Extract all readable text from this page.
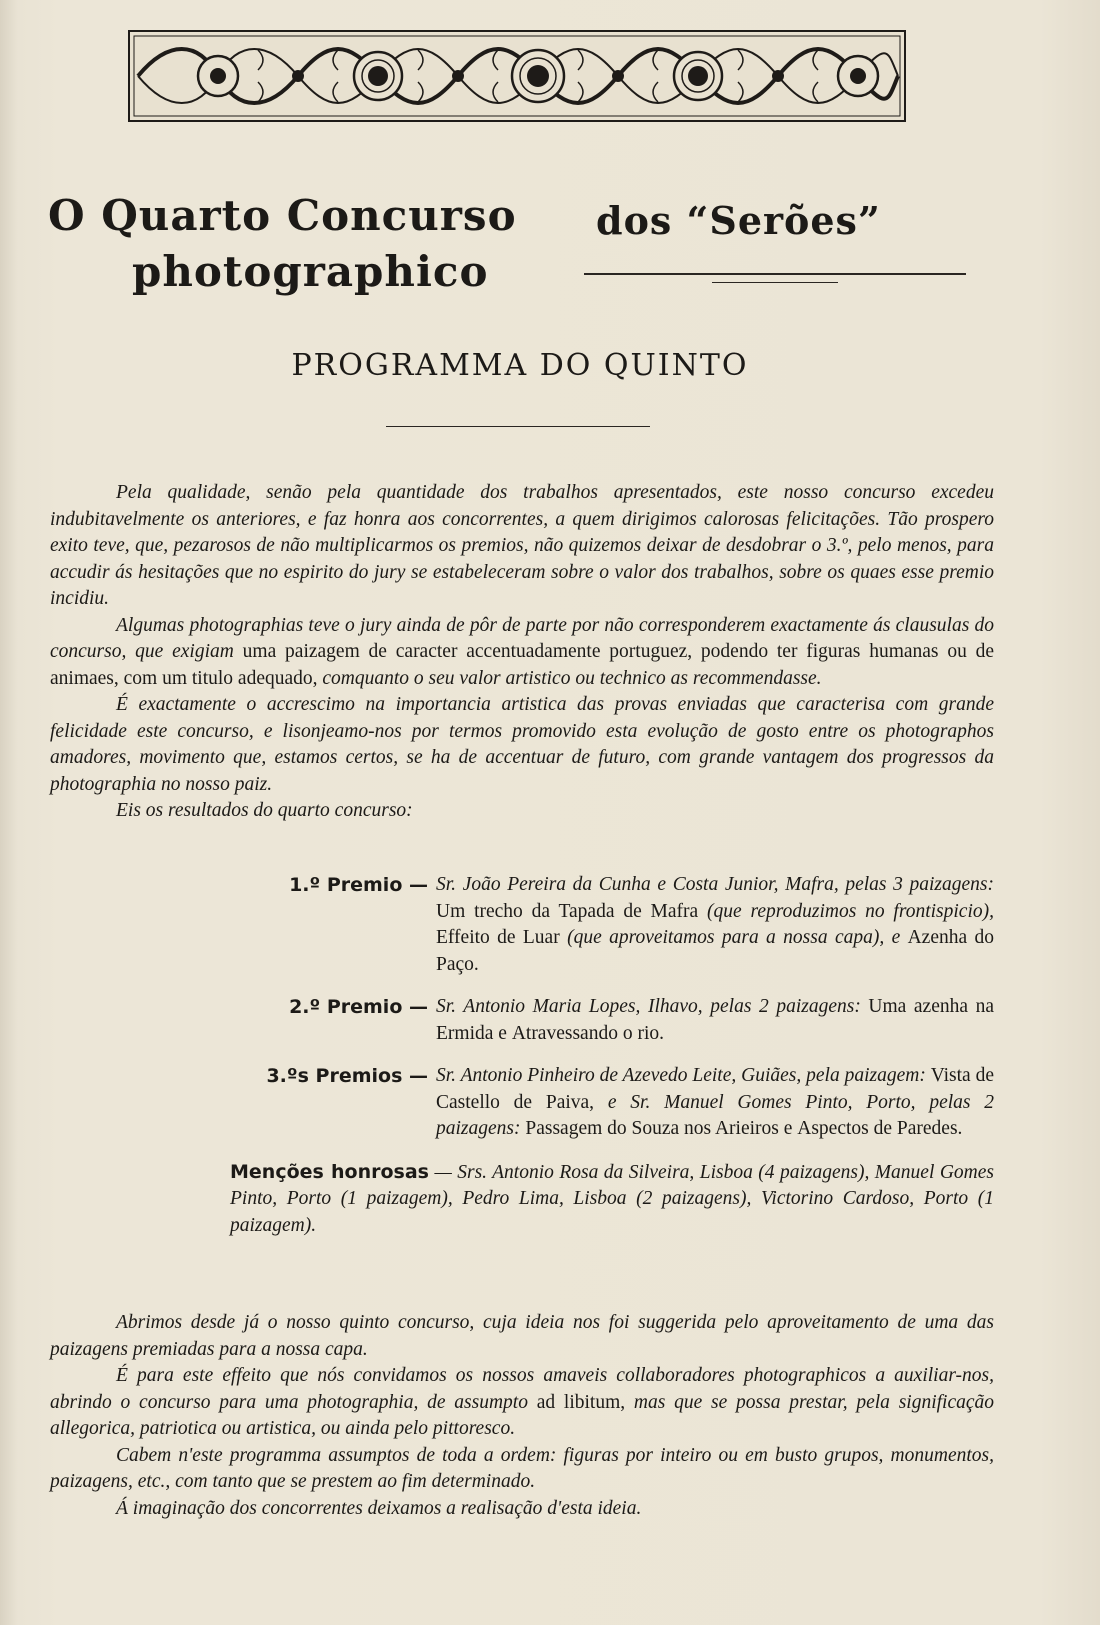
O Quarto Concurso
photographico
dos “Serões”
PROGRAMMA DO QUINTO

Pela qualidade, senão pela quantidade dos trabalhos apresentados, este nosso concurso excedeu indubitavelmente os anteriores, e faz honra aos concorrentes, a quem dirigimos calorosas felicitações. Tão prospero exito teve, que, pezarosos de não multiplicarmos os premios, não quizemos deixar de desdobrar o 3.º, pelo menos, para accudir ás hesitações que no espirito do jury se estabeleceram sobre o valor dos trabalhos, sobre os quaes esse premio incidiu.

Algumas photographias teve o jury ainda de pôr de parte por não corresponderem exactamente ás clausulas do concurso, que exigiam uma paizagem de caracter accentuadamente portuguez, podendo ter figuras humanas ou de animaes, com um titulo adequado, comquanto o seu valor artistico ou technico as recommendasse.

É exactamente o accrescimo na importancia artistica das provas enviadas que caracterisa com grande felicidade este concurso, e lisonjeamo-nos por termos promovido esta evolução de gosto entre os photographos amadores, movimento que, estamos certos, se ha de accentuar de futuro, com grande vantagem dos progressos da photographia no nosso paiz.

Eis os resultados do quarto concurso:

1.º Premio — Sr. João Pereira da Cunha e Costa Junior, Mafra, pelas 3 paizagens: Um trecho da Tapada de Mafra (que reproduzimos no frontispicio), Effeito de Luar (que aproveitamos para a nossa capa), e Azenha do Paço.
2.º Premio — Sr. Antonio Maria Lopes, Ilhavo, pelas 2 paizagens: Uma azenha na Ermida e Atravessando o rio.
3.ºs Premios — Sr. Antonio Pinheiro de Azevedo Leite, Guiães, pela paizagem: Vista de Castello de Paiva, e Sr. Manuel Gomes Pinto, Porto, pelas 2 paizagens: Passagem do Souza nos Arieiros e Aspectos de Paredes.
Menções honrosas — Srs. Antonio Rosa da Silveira, Lisboa (4 paizagens), Manuel Gomes Pinto, Porto (1 paizagem), Pedro Lima, Lisboa (2 paizagens), Victorino Cardoso, Porto (1 paizagem).

Abrimos desde já o nosso quinto concurso, cuja ideia nos foi suggerida pelo aproveitamento de uma das paizagens premiadas para a nossa capa.

É para este effeito que nós convidamos os nossos amaveis collaboradores photographicos a auxiliar-nos, abrindo o concurso para uma photographia, de assumpto ad libitum, mas que se possa prestar, pela significação allegorica, patriotica ou artistica, ou ainda pelo pittoresco.

Cabem n'este programma assumptos de toda a ordem: figuras por inteiro ou em busto grupos, monumentos, paizagens, etc., com tanto que se prestem ao fim determinado.

Á imaginação dos concorrentes deixamos a realisação d'esta ideia.
